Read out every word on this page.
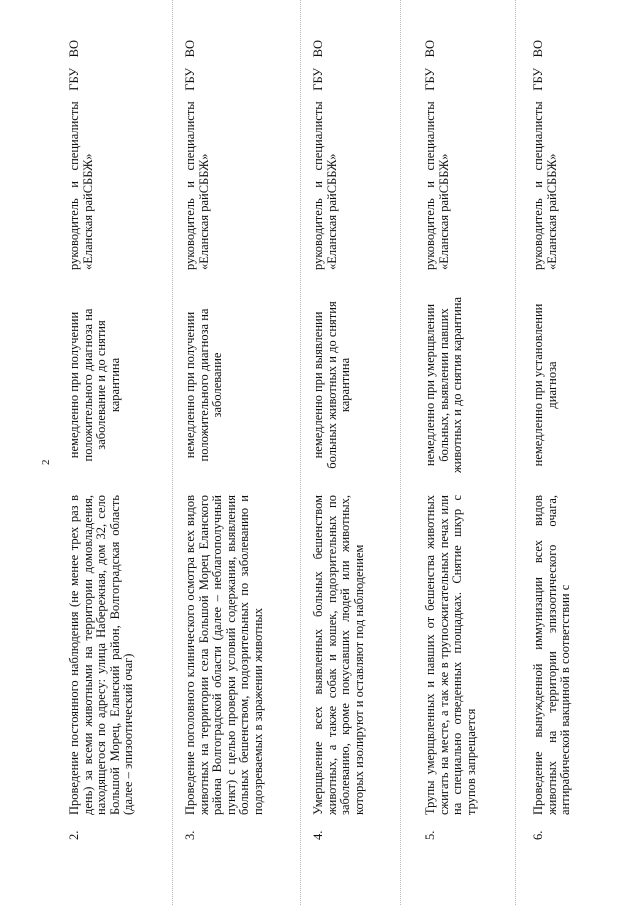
2
2.
Проведение постоянного наблюдения (не менее трех раз в день) за всеми животными на территории домовладения, находящегося по адресу: улица Набережная, дом 32, село Большой Морец, Еланский район, Волгоградская область (далее – эпизоотический очаг)
немедленно при получении положительного диагноза на заболевание и до снятия карантина
руководитель и специалисты ГБУ ВО «Еланская райСББЖ»
3.
Проведение поголовного клинического осмотра всех видов животных на территории села Большой Морец Еланского района Волгоградской области (далее – неблагополучный пункт) с целью проверки условий содержания, выявления больных бешенством, подозрительных по заболеванию и подозреваемых в заражении животных
немедленно при получении положительного диагноза на заболевание
руководитель и специалисты ГБУ ВО «Еланская райСББЖ»
4.
Умерщвление всех выявленных больных бешенством животных, а также собак и кошек, подозрительных по заболеванию, кроме покусавших людей или животных, которых изолируют и оставляют под наблюдением
немедленно при выявлении больных животных и до снятия карантина
руководитель и специалисты ГБУ ВО «Еланская райСББЖ»
5.
Трупы умерщвленных и павших от бешенства животных сжигать на месте, а так же в трупосжигательных печах или на специально отведенных площадках. Снятие шкур с трупов запрещается
немедленно при умерщвлении больных, выявлении павших животных и до снятия карантина
руководитель и специалисты ГБУ ВО «Еланская райСББЖ»
6.
Проведение вынужденной иммунизации всех видов животных на территории эпизоотического очага, антирабической вакциной в соответствии с
немедленно при установлении диагноза
руководитель и специалисты ГБУ ВО «Еланская райСББЖ»
